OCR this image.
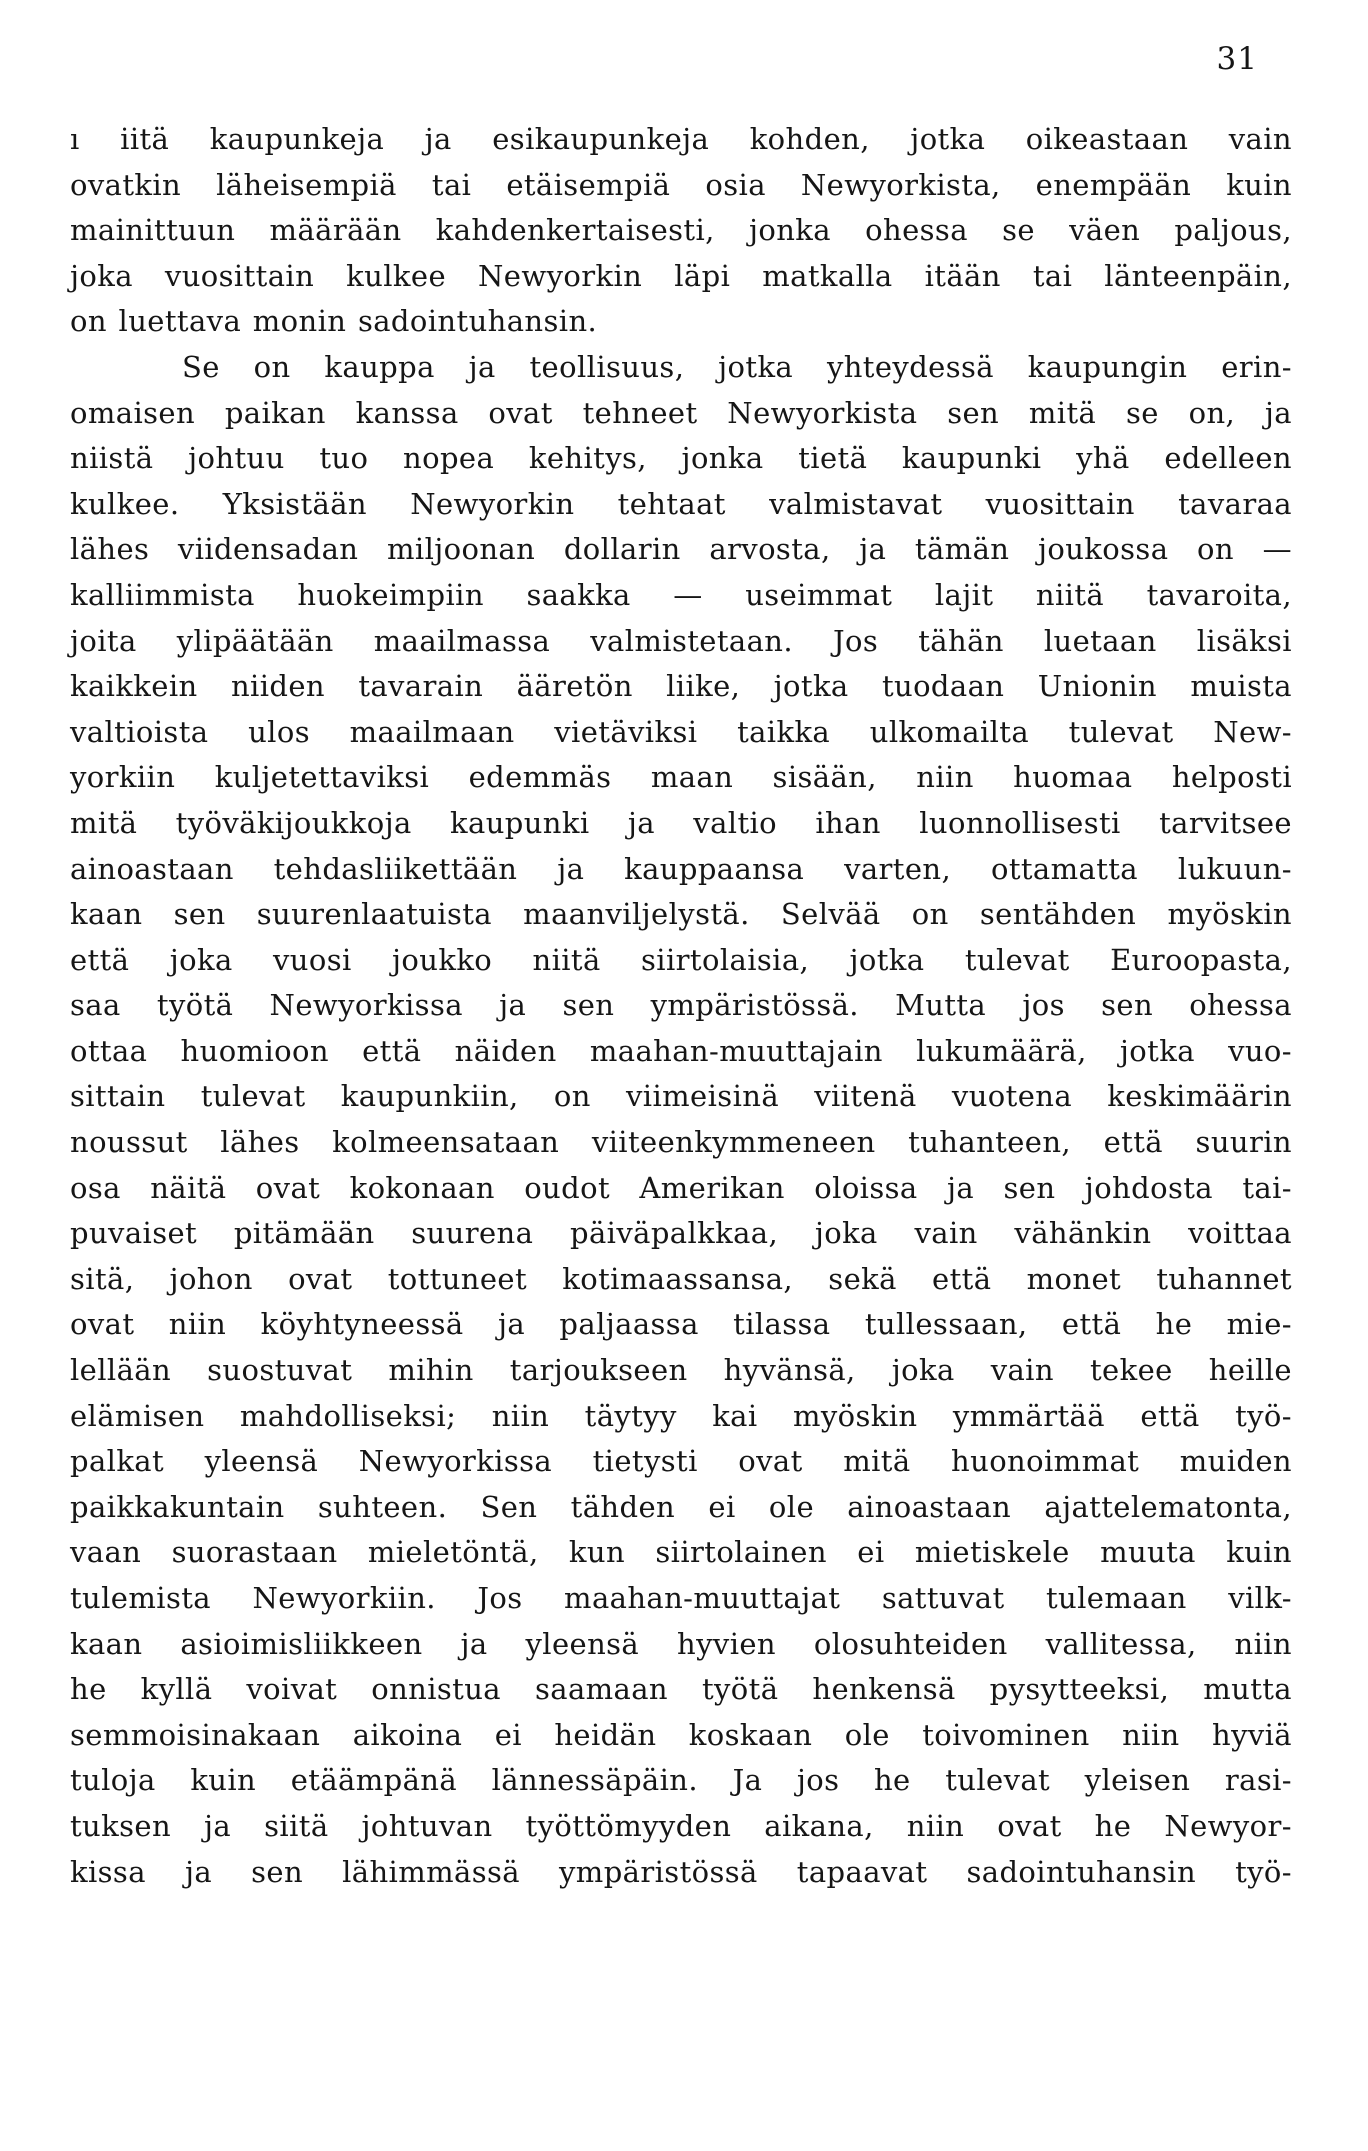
31
ı iitä kaupunkeja ja esikaupunkeja kohden, jotka oikeastaan vain
ovatkin läheisempiä tai etäisempiä osia Newyorkista, enempään kuin
mainittuun määrään kahdenkertaisesti, jonka ohessa se väen paljous,
joka vuosittain kulkee Newyorkin läpi matkalla itään tai länteenpäin,
on luettava monin sadointuhansin.
Se on kauppa ja teollisuus, jotka yhteydessä kaupungin erin-
omaisen paikan kanssa ovat tehneet Newyorkista sen mitä se on, ja
niistä johtuu tuo nopea kehitys, jonka tietä kaupunki yhä edelleen
kulkee. Yksistään Newyorkin tehtaat valmistavat vuosittain tavaraa
lähes viidensadan miljoonan dollarin arvosta, ja tämän joukossa on —
kalliimmista huokeimpiin saakka — useimmat lajit niitä tavaroita,
joita ylipäätään maailmassa valmistetaan. Jos tähän luetaan lisäksi
kaikkein niiden tavarain ääretön liike, jotka tuodaan Unionin muista
valtioista ulos maailmaan vietäviksi taikka ulkomailta tulevat New-
yorkiin kuljetettaviksi edemmäs maan sisään, niin huomaa helposti
mitä työväkijoukkoja kaupunki ja valtio ihan luonnollisesti tarvitsee
ainoastaan tehdasliikettään ja kauppaansa varten, ottamatta lukuun-
kaan sen suurenlaatuista maanviljelystä. Selvää on sentähden myöskin
että joka vuosi joukko niitä siirtolaisia, jotka tulevat Euroopasta,
saa työtä Newyorkissa ja sen ympäristössä. Mutta jos sen ohessa
ottaa huomioon että näiden maahan-muuttajain lukumäärä, jotka vuo-
sittain tulevat kaupunkiin, on viimeisinä viitenä vuotena keskimäärin
noussut lähes kolmeensataan viiteenkymmeneen tuhanteen, että suurin
osa näitä ovat kokonaan oudot Amerikan oloissa ja sen johdosta tai-
puvaiset pitämään suurena päiväpalkkaa, joka vain vähänkin voittaa
sitä, johon ovat tottuneet kotimaassansa, sekä että monet tuhannet
ovat niin köyhtyneessä ja paljaassa tilassa tullessaan, että he mie-
lellään suostuvat mihin tarjoukseen hyvänsä, joka vain tekee heille
elämisen mahdolliseksi; niin täytyy kai myöskin ymmärtää että työ-
palkat yleensä Newyorkissa tietysti ovat mitä huonoimmat muiden
paikkakuntain suhteen. Sen tähden ei ole ainoastaan ajattelematonta,
vaan suorastaan mieletöntä, kun siirtolainen ei mietiskele muuta kuin
tulemista Newyorkiin. Jos maahan-muuttajat sattuvat tulemaan vilk-
kaan asioimisliikkeen ja yleensä hyvien olosuhteiden vallitessa, niin
he kyllä voivat onnistua saamaan työtä henkensä pysytteeksi, mutta
semmoisinakaan aikoina ei heidän koskaan ole toivominen niin hyviä
tuloja kuin etäämpänä lännessäpäin. Ja jos he tulevat yleisen rasi-
tuksen ja siitä johtuvan työttömyyden aikana, niin ovat he Newyor-
kissa ja sen lähimmässä ympäristössä tapaavat sadointuhansin työ-
